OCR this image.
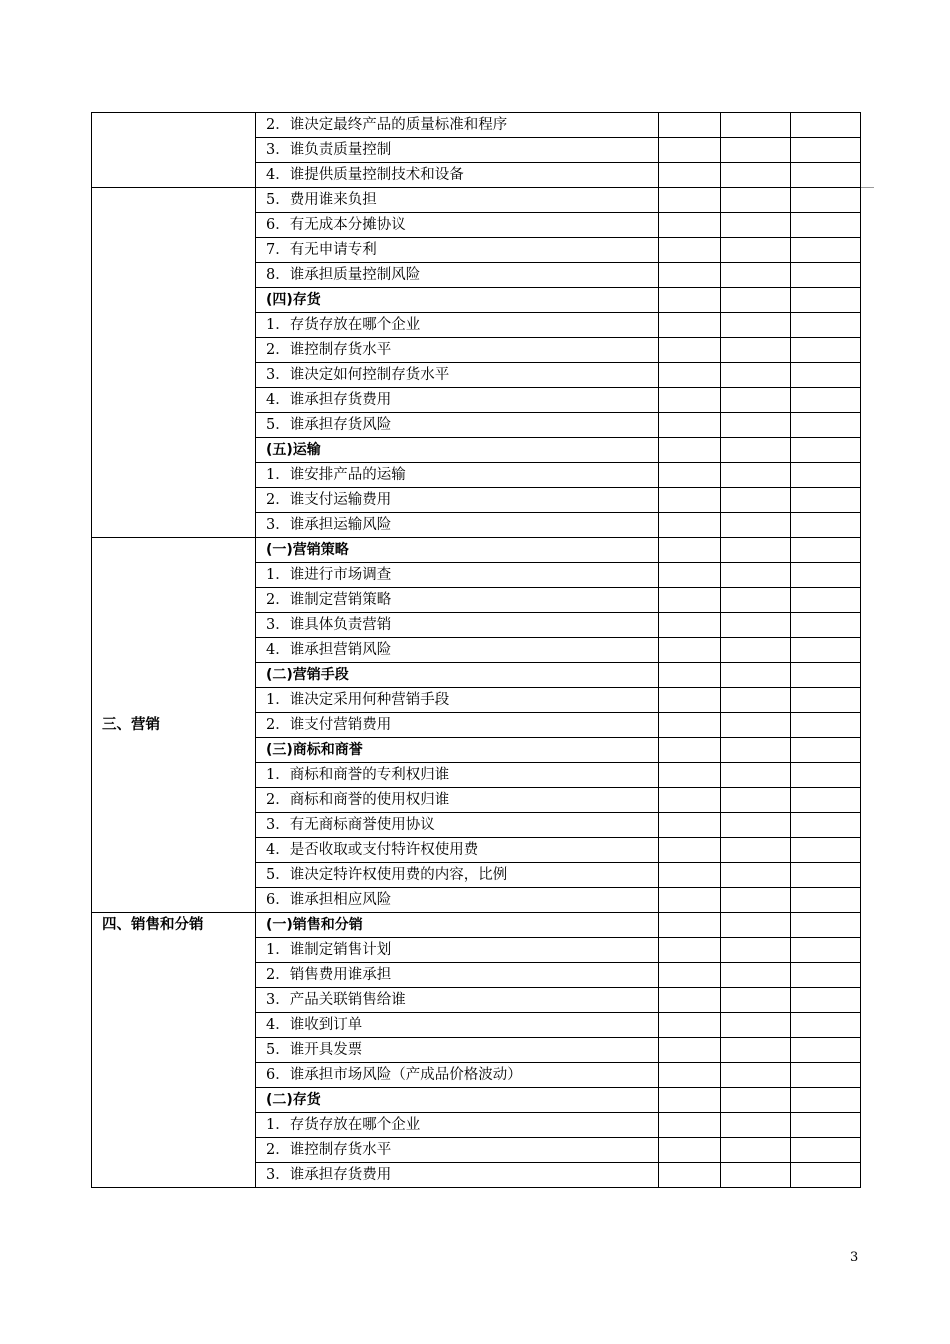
	2．谁决定最终产品的质量标准和程序			
	3．谁负责质量控制			
	4．谁提供质量控制技术和设备			
	5．费用谁来负担			
	6．有无成本分摊协议			
	7．有无申请专利			
	8．谁承担质量控制风险			
	(四)存货			
	1．存货存放在哪个企业			
	2．谁控制存货水平			
	3．谁决定如何控制存货水平			
	4．谁承担存货费用			
	5．谁承担存货风险			
	(五)运输			
	1．谁安排产品的运输			
	2．谁支付运输费用			
	3．谁承担运输风险			
三、营销	(一)营销策略			
	1．谁进行市场调查			
	2．谁制定营销策略			
	3．谁具体负责营销			
	4．谁承担营销风险			
	(二)营销手段			
	1．谁决定采用何种营销手段			
	2．谁支付营销费用			
	(三)商标和商誉			
	1．商标和商誉的专利权归谁			
	2．商标和商誉的使用权归谁			
	3．有无商标商誉使用协议			
	4．是否收取或支付特许权使用费			
	5．谁决定特许权使用费的内容，比例			
	6．谁承担相应风险			
四、销售和分销	(一)销售和分销			
	1．谁制定销售计划			
	2．销售费用谁承担			
	3．产品关联销售给谁			
	4．谁收到订单			
	5．谁开具发票			
	6．谁承担市场风险（产成品价格波动）			
	(二)存货			
	1．存货存放在哪个企业			
	2．谁控制存货水平			
	3．谁承担存货费用			
3
